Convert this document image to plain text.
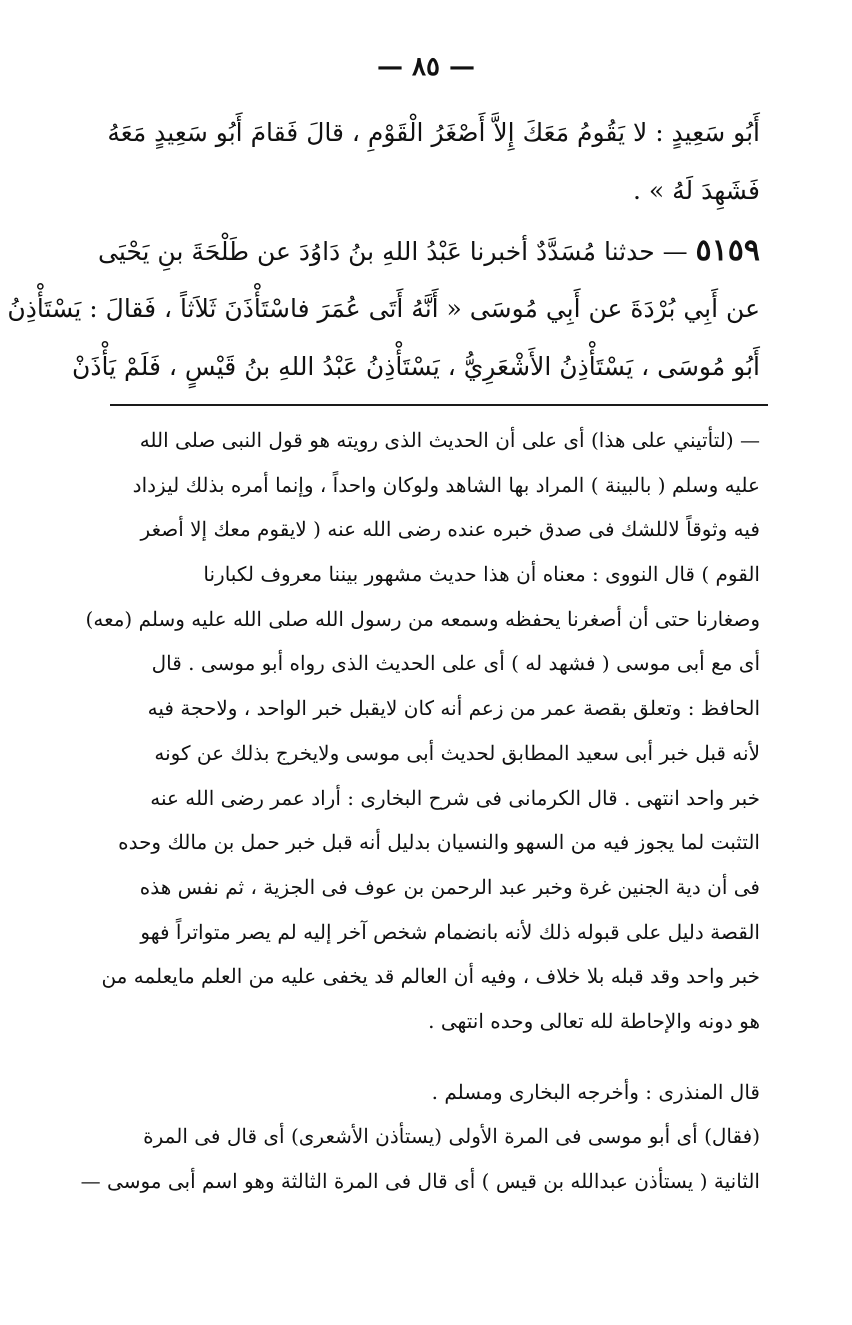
— ٨٥ —
أَبُو سَعِيدٍ : لا يَقُومُ مَعَكَ إِلاَّ أَصْغَرُ الْقَوْمِ ، قالَ فَقامَ أَبُو سَعِيدٍ مَعَهُ
فَشَهِدَ لَهُ » .
٥١٥٩ — حدثنا مُسَدَّدٌ أخبرنا عَبْدُ اللهِ بنُ دَاوُدَ عن طَلْحَةَ بنِ يَحْيَى
عن أَبِي بُرْدَةَ عن أَبِي مُوسَى « أَنَّهُ أَتَى عُمَرَ فاسْتَأْذَنَ ثَلاَثاً ، فَقالَ : يَسْتَأْذِنُ
أَبُو مُوسَى ، يَسْتَأْذِنُ الأَشْعَرِيُّ ، يَسْتَأْذِنُ عَبْدُ اللهِ بنُ قَيْسٍ ، فَلَمْ يَأْذَنْ
— (لتأتيني على هذا) أى على أن الحديث الذى رويته هو قول النبى صلى الله
عليه وسلم ( بالبينة ) المراد بها الشاهد ولوكان واحداً ، وإنما أمره بذلك ليزداد
فيه وثوقاً لاللشك فى صدق خبره عنده رضى الله عنه ( لايقوم معك إلا أصغر
القوم ) قال النووى : معناه أن هذا حديث مشهور بيننا معروف لكبارنا
وصغارنا حتى أن أصغرنا يحفظه وسمعه من رسول الله صلى الله عليه وسلم (معه)
أى مع أبى موسى ( فشهد له ) أى على الحديث الذى رواه أبو موسى . قال
الحافظ : وتعلق بقصة عمر من زعم أنه كان لايقبل خبر الواحد ، ولاحجة فيه
لأنه قبل خبر أبى سعيد المطابق لحديث أبى موسى ولايخرج بذلك عن كونه
خبر واحد انتهى . قال الكرمانى فى شرح البخارى : أراد عمر رضى الله عنه
التثبت لما يجوز فيه من السهو والنسيان بدليل أنه قبل خبر حمل بن مالك وحده
فى أن دية الجنين غرة وخبر عبد الرحمن بن عوف فى الجزية ، ثم نفس هذه
القصة دليل على قبوله ذلك لأنه بانضمام شخص آخر إليه لم يصر متواتراً فهو
خبر واحد وقد قبله بلا خلاف ، وفيه أن العالم قد يخفى عليه من العلم مايعلمه من
هو دونه والإحاطة لله تعالى وحده انتهى .
قال المنذرى : وأخرجه البخارى ومسلم .
(فقال) أى أبو موسى فى المرة الأولى (يستأذن الأشعرى) أى قال فى المرة
الثانية ( يستأذن عبدالله بن قيس ) أى قال فى المرة الثالثة وهو اسم أبى موسى —
